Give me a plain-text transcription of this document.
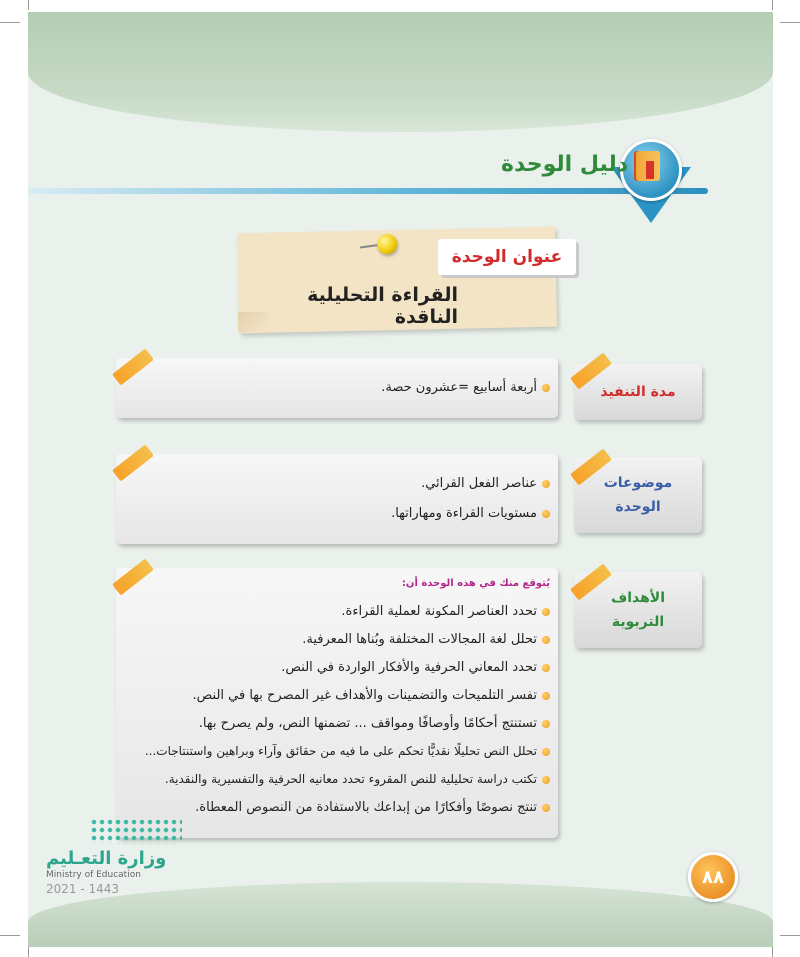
دليل الوحدة
عنوان الوحدة
القراءة التحليلية الناقدة
أربعة أسابيع =عشرون حصة.	مدة التنفيذ
عناصر الفعل القرائي.
مستويات القراءة ومهاراتها.
موضوعات
الوحدة
يُتوقع منك في هذه الوحدة أن:
تحدد العناصر المكونة لعملية القراءة.
تحلل لغة المجالات المختلفة وبُناها المعرفية.
تحدد المعاني الحرفية والأفكار الواردة في النص.
تفسر التلميحات والتضمينات والأهداف غير المصرح بها في النص.
تستنتج أحكامًا وأوصافًا ومواقف ... تضمنها النص، ولم يصرح بها.
تحلل النص تحليلًا نقديًّا تحكم على ما فيه من حقائق وآراء وبراهين واستنتاجات...
تكتب دراسة تحليلية للنص المقروء تحدد معانيه الحرفية والتفسيرية والنقدية.
تنتج نصوصًا وأفكارًا من إبداعك بالاستفادة من النصوص المعطاة.
الأهداف
التربوية
وزارة التعـليم
Ministry of Education
2021 - 1443
٨٨
